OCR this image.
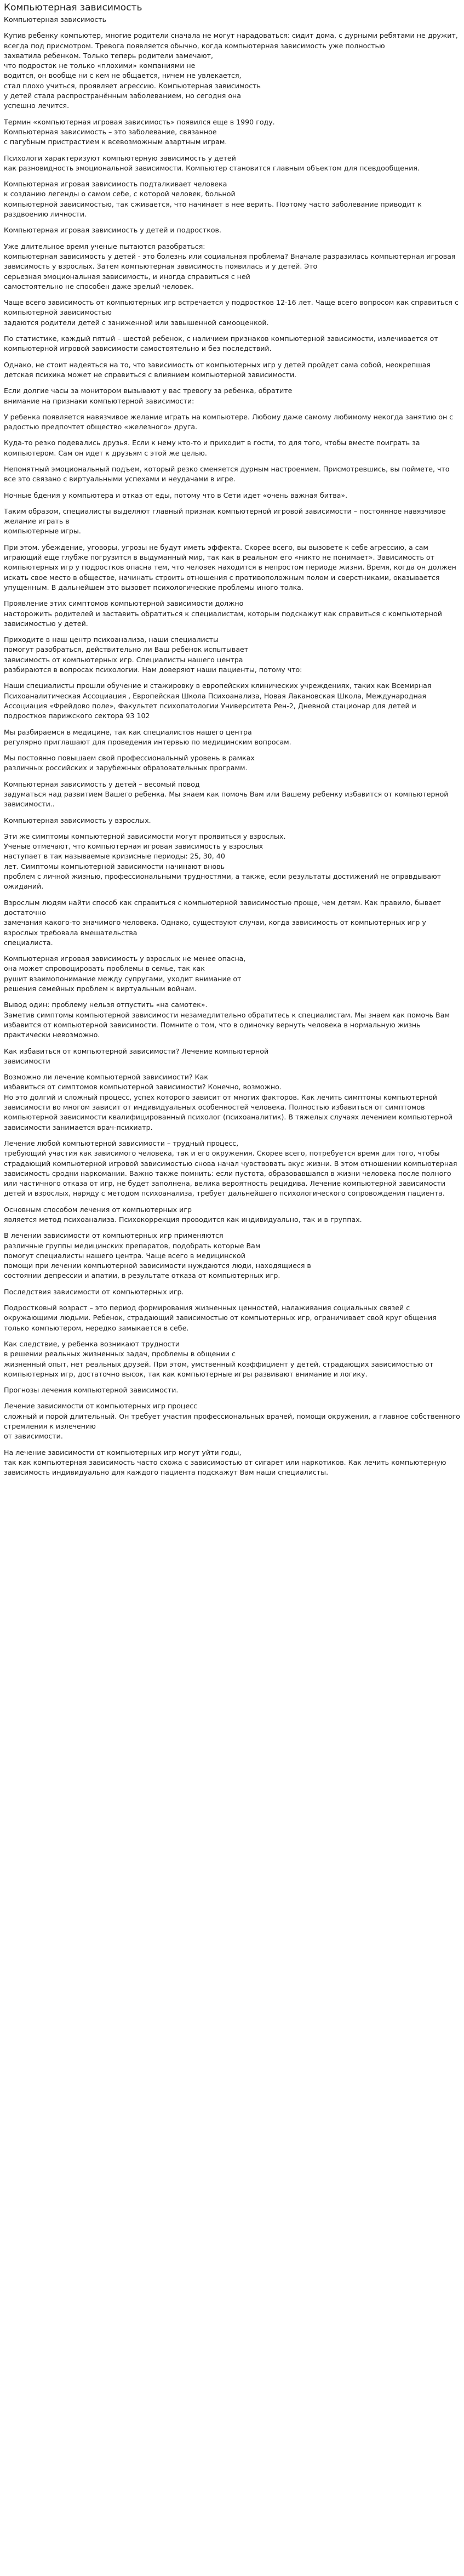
Компьютерная зависимость

Компьютерная зависимость

Купив ребенку компьютер, многие родители сначала не могут нарадоваться: сидит дома, с дурными ребятами не дружит, всегда под присмотром. Тревога появляется обычно, когда компьютерная зависимость уже полностью
захватила ребенком. Только теперь родители замечают,
что подросток не только «плохими» компаниями не
водится, он вообще ни с кем не общается, ничем не увлекается,
стал плохо учиться, проявляет агрессию. Компьютерная зависимость
у детей стала распространённым заболеванием, но сегодня она
успешно лечится.

Термин «компьютерная игровая зависимость» появился еще в 1990 году.
Компьютерная зависимость – это заболевание, связанное
с пагубным пристрастием к всевозможным азартным играм.

Психологи характеризуют компьютерную зависимость у детей
как разновидность эмоциональной зависимости. Компьютер становится главным объектом для псевдообщения.

Компьютерная игровая зависимость подталкивает человека
к созданию легенды о самом себе, с которой человек, больной
компьютерной зависимостью, так сживается, что начинает в нее верить. Поэтому часто заболевание приводит к раздвоению личности.

Компьютерная игровая зависимость у детей и подростков.

Уже длительное время ученые пытаются разобраться:
компьютерная зависимость у детей - это болезнь или социальная проблема? Вначале разразилась компьютерная игровая зависимость у взрослых. Затем компьютерная зависимость появилась и у детей. Это
серьезная эмоциональная зависимость, и иногда справиться с ней
самостоятельно не способен даже зрелый человек.

Чаще всего зависимость от компьютерных игр встречается у подростков 12-16 лет. Чаще всего вопросом как справиться с компьютерной зависимостью
задаются родители детей с заниженной или завышенной самооценкой.

По статистике, каждый пятый – шестой ребенок, с наличием признаков компьютерной зависимости, излечивается от компьютерной игровой зависимости самостоятельно и без последствий.

Однако, не стоит надеяться на то, что зависимость от компьютерных игр у детей пройдет сама собой, неокрепшая детская психика может не справиться с влиянием компьютерной зависимости.

Если долгие часы за монитором вызывают у вас тревогу за ребенка, обратите
внимание на признаки компьютерной зависимости:

У ребенка появляется навязчивое желание играть на компьютере. Любому даже самому любимому некогда занятию он с радостью предпочтет общество «железного» друга.

Куда-то резко подевались друзья. Если к нему кто-то и приходит в гости, то для того, чтобы вместе поиграть за компьютером. Сам он идет к друзьям с этой же целью.

Непонятный эмоциональный подъем, который резко сменяется дурным настроением. Присмотревшись, вы поймете, что все это связано с виртуальными успехами и неудачами в игре.

Ночные бдения у компьютера и отказ от еды, потому что в Сети идет «очень важная битва».

Таким образом, специалисты выделяют главный признак компьютерной игровой зависимости – постоянное навязчивое желание играть в
компьютерные игры.

При этом. убеждение, уговоры, угрозы не будут иметь эффекта. Скорее всего, вы вызовете к себе агрессию, а сам играющий еще глубже погрузится в выдуманный мир, так как в реальном его «никто не понимает». Зависимость от компьютерных игр у подростков опасна тем, что человек находится в непростом периоде жизни. Время, когда он должен искать свое место в обществе, начинать строить отношения с противоположным полом и сверстниками, оказывается упущенным. В дальнейшем это вызовет психологические проблемы иного толка.

Проявление этих симптомов компьютерной зависимости должно
насторожить родителей и заставить обратиться к специалистам, которым подскажут как справиться с компьютерной зависимостью у детей.

Приходите в наш центр психоанализа, наши специалисты
помогут разобраться, действительно ли Ваш ребенок испытывает
зависимость от компьютерных игр. Специалисты нашего центра
разбираются в вопросах психологии. Нам доверяют наши пациенты, потому что:

Наши специалисты прошли обучение и стажировку в европейских клинических учреждениях, таких как Всемирная Психоаналитическая Ассоциация , Европейская Школа Психоанализа, Новая Лакановская Школа, Международная Ассоциация «Фрейдово поле», Факультет психопатологии Университета Рен-2, Дневной стационар для детей и подростков парижского сектора 93 102

Мы разбираемся в медицине, так как специалистов нашего центра
регулярно приглашают для проведения интервью по медицинским вопросам.

Мы постоянно повышаем свой профессиональный уровень в рамках
различных российских и зарубежных образовательных программ.

Компьютерная зависимость у детей – весомый повод
задуматься над развитием Вашего ребенка. Мы знаем как помочь Вам или Вашему ребенку избавится от компьютерной зависимости..

Компьютерная зависимость у взрослых.

Эти же симптомы компьютерной зависимости могут проявиться у взрослых.
Ученые отмечают, что компьютерная игровая зависимость у взрослых
наступает в так называемые кризисные периоды: 25, 30, 40
лет. Симптомы компьютерной зависимости начинают вновь
проблем с личной жизнью, профессиональными трудностями, а также, если результаты достижений не оправдывают ожиданий.

Взрослым людям найти способ как справиться с компьютерной зависимостью проще, чем детям. Как правило, бывает достаточно
замечания какого-то значимого человека. Однако, существуют случаи, когда зависимость от компьютерных игр у взрослых требовала вмешательства
специалиста.

Компьютерная игровая зависимость у взрослых не менее опасна,
она может спровоцировать проблемы в семье, так как
рушит взаимопонимание между супругами, уходит внимание от
решения семейных проблем к виртуальным войнам.

Вывод один: проблему нельзя отпустить «на самотек».
Заметив симптомы компьютерной зависимости незамедлительно обратитесь к специалистам. Мы знаем как помочь Вам избавится от компьютерной зависимости. Помните о том, что в одиночку вернуть человека в нормальную жизнь практически невозможно.

Как избавиться от компьютерной зависимости? Лечение компьютерной
зависимости

Возможно ли лечение компьютерной зависимости? Как
избавиться от симптомов компьютерной зависимости? Конечно, возможно.
Но это долгий и сложный процесс, успех которого зависит от многих факторов. Как лечить симптомы компьютерной зависимости во многом зависит от индивидуальных особенностей человека. Полностью избавиться от симптомов компьютерной зависимости квалифицированный психолог (психоаналитик). В тяжелых случаях лечением компьютерной зависимости занимается врач-психиатр.

Лечение любой компьютерной зависимости – трудный процесс,
требующий участия как зависимого человека, так и его окружения. Скорее всего, потребуется время для того, чтобы страдающий компьютерной игровой зависимостью снова начал чувствовать вкус жизни. В этом отношении компьютерная зависимость сродни наркомании. Важно также помнить: если пустота, образовавшаяся в жизни человека после полного или частичного отказа от игр, не будет заполнена, велика вероятность рецидива. Лечение компьютерной зависимости детей и взрослых, наряду с методом психоанализа, требует дальнейшего психологического сопровождения пациента.

Основным способом лечения от компьютерных игр
является метод психоанализа. Психокоррекция проводится как индивидуально, так и в группах.

В лечении зависимости от компьютерных игр применяются
различные группы медицинских препаратов, подобрать которые Вам
помогут специалисты нашего центра. Чаще всего в медицинской
помощи при лечении компьютерной зависимости нуждаются люди, находящиеся в
состоянии депрессии и апатии, в результате отказа от компьютерных игр.

Последствия зависимости от компьютерных игр.

Подростковый возраст – это период формирования жизненных ценностей, налаживания социальных связей с окружающими людьми. Ребенок, страдающий зависимостью от компьютерных игр, ограничивает свой круг общения только компьютером, нередко замыкается в себе.

Как следствие, у ребенка возникают трудности
в решении реальных жизненных задач, проблемы в общении с
жизненный опыт, нет реальных друзей. При этом, умственный коэффициент у детей, страдающих зависимостью от компьютерных игр, достаточно высок, так как компьютерные игры развивают внимание и логику.

Прогнозы лечения компьютерной зависимости.

Лечение зависимости от компьютерных игр процесс
сложный и порой длительный. Он требует участия профессиональных врачей, помощи окружения, а главное собственного стремления к излечению
от зависимости.

На лечение зависимости от компьютерных игр могут уйти годы,
так как компьютерная зависимость часто схожа с зависимостью от сигарет или наркотиков. Как лечить компьютерную зависимость индивидуально для каждого пациента подскажут Вам наши специалисты.
